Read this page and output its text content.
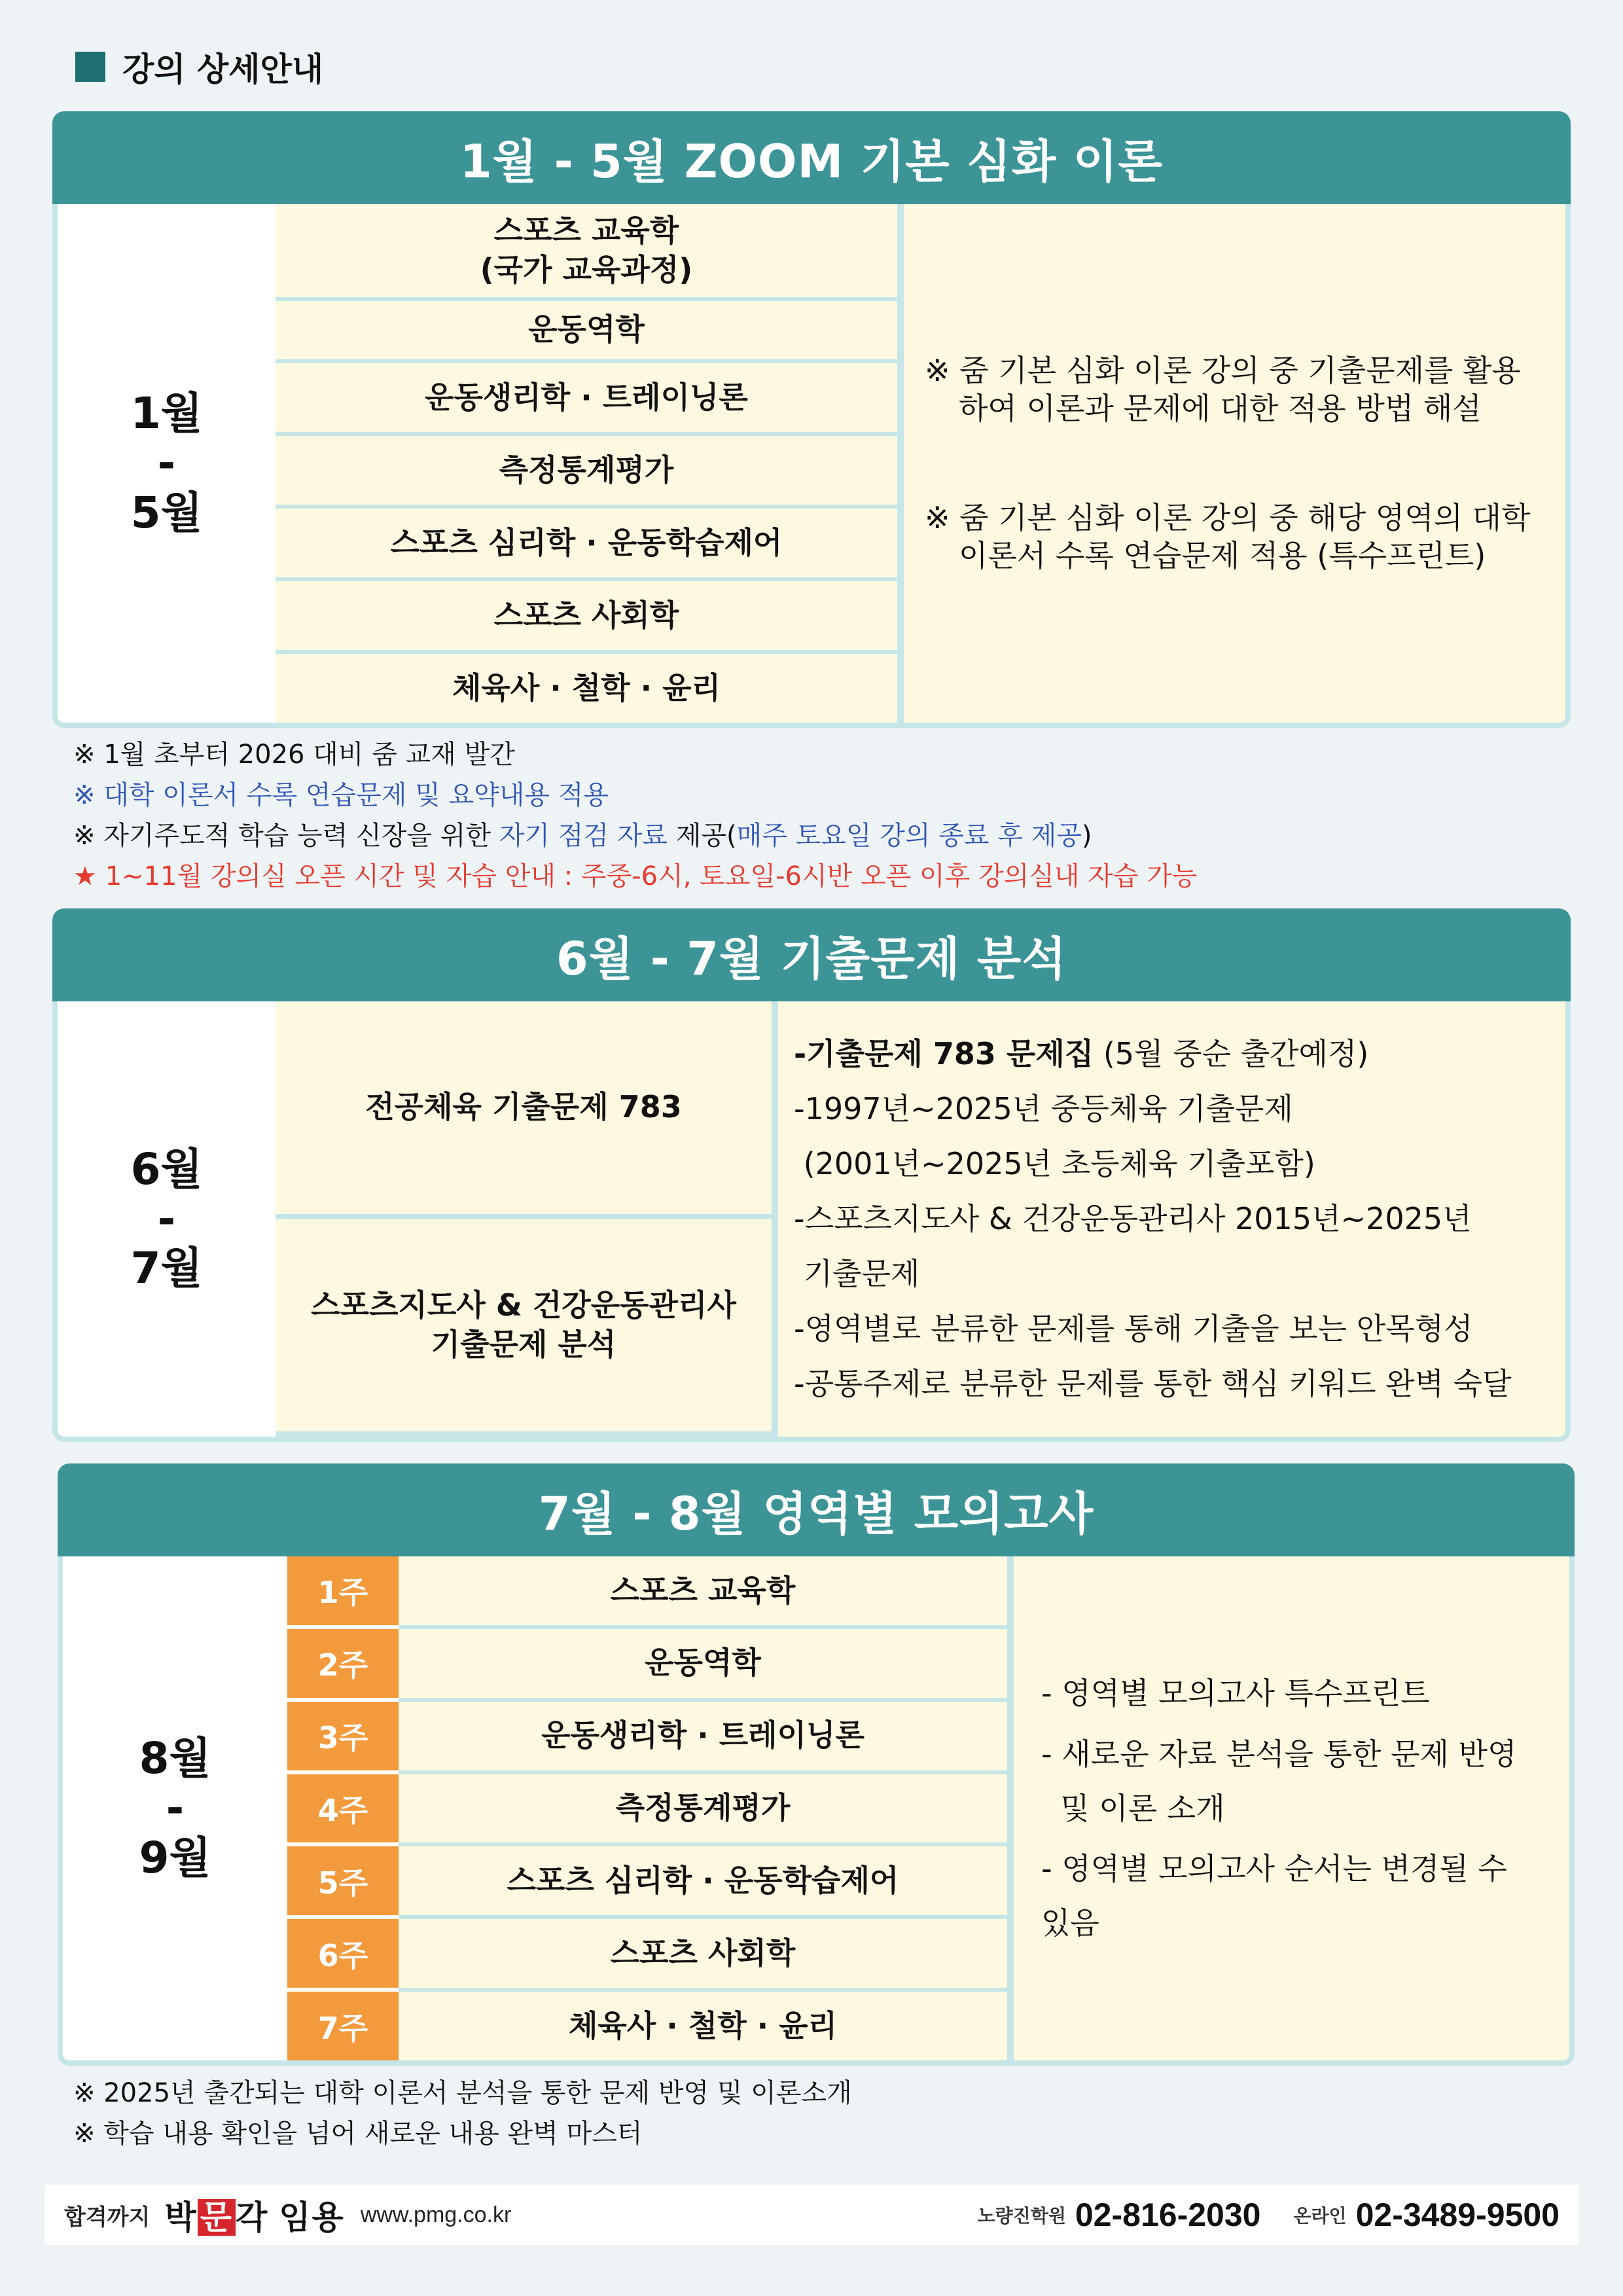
강의 상세안내
1월 - 5월 ZOOM 기본 심화 이론
1월
-
5월
스포츠 교육학
(국가 교육과정)
운동역학
운동생리학 · 트레이닝론
측정통계평가
스포츠 심리학 · 운동학습제어
스포츠 사회학
체육사 · 철학 · 윤리
※ 줌 기본 심화 이론 강의 중 기출문제를 활용하여 이론과 문제에 대한 적용 방법 해설
※ 줌 기본 심화 이론 강의 중 해당 영역의 대학 이론서 수록 연습문제 적용 (특수프린트)
※ 1월 초부터 2026 대비 줌 교재 발간
※ 대학 이론서 수록 연습문제 및 요약내용 적용
※ 자기주도적 학습 능력 신장을 위한 자기 점검 자료 제공(매주 토요일 강의 종료 후 제공)
★ 1~11월 강의실 오픈 시간 및 자습 안내 : 주중-6시, 토요일-6시반 오픈 이후 강의실내 자습 가능
6월 - 7월 기출문제 분석
6월
-
7월
전공체육 기출문제 783
스포츠지도사 & 건강운동관리사
기출문제 분석
-기출문제 783 문제집 (5월 중순 출간예정)
-1997년~2025년 중등체육 기출문제
(2001년~2025년 초등체육 기출포함)
-스포츠지도사 & 건강운동관리사 2015년~2025년
기출문제
-영역별로 분류한 문제를 통해 기출을 보는 안목형성
-공통주제로 분류한 문제를 통한 핵심 키워드 완벽 숙달
7월 - 8월 영역별 모의고사
8월
-
9월
1주
2주
3주
4주
5주
6주
7주
스포츠 교육학
운동역학
운동생리학 · 트레이닝론
측정통계평가
스포츠 심리학 · 운동학습제어
스포츠 사회학
체육사 · 철학 · 윤리
- 영역별 모의고사 특수프린트
- 새로운 자료 분석을 통한 문제 반영
및 이론 소개
- 영역별 모의고사 순서는 변경될 수 있음
※ 2025년 출간되는 대학 이론서 분석을 통한 문제 반영 및 이론소개
※ 학습 내용 확인을 넘어 새로운 내용 완벽 마스터
합격까지 박문각 임용 www.pmg.co.kr	노량진학원 02-816-2030 온라인 02-3489-9500
